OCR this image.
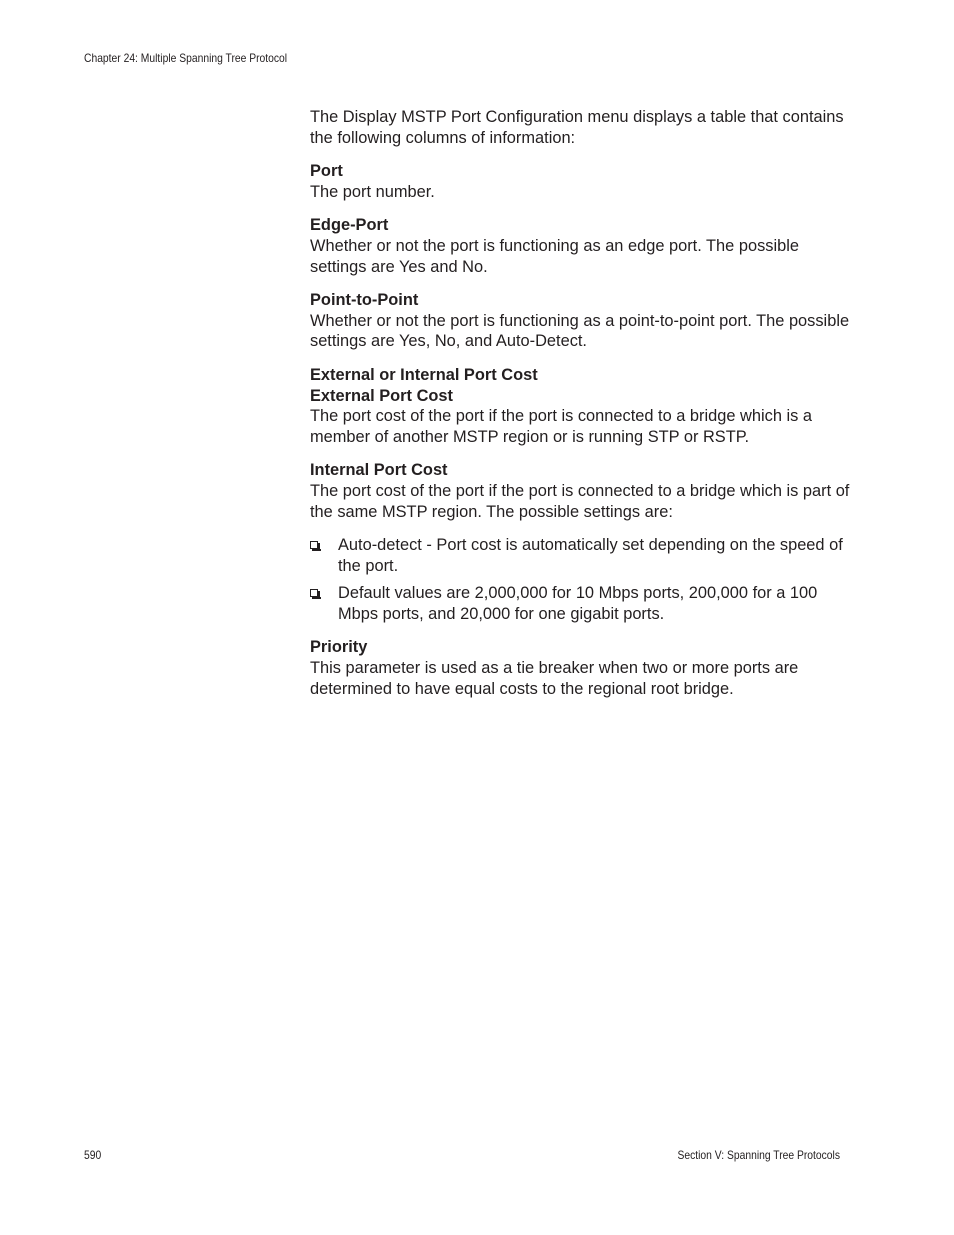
Chapter 24: Multiple Spanning Tree Protocol

The Display MSTP Port Configuration menu displays a table that contains the following columns of information:

Port
The port number.
Edge-Port
Whether or not the port is functioning as an edge port. The possible settings are Yes and No.
Point-to-Point
Whether or not the port is functioning as a point-to-point port. The possible settings are Yes, No, and Auto-Detect.
External or Internal Port Cost
External Port Cost
The port cost of the port if the port is connected to a bridge which is a member of another MSTP region or is running STP or RSTP.
Internal Port Cost
The port cost of the port if the port is connected to a bridge which is part of the same MSTP region. The possible settings are:
Auto-detect - Port cost is automatically set depending on the speed of the port.
Default values are 2,000,000 for 10 Mbps ports, 200,000 for a 100 Mbps ports, and 20,000 for one gigabit ports.
Priority
This parameter is used as a tie breaker when two or more ports are determined to have equal costs to the regional root bridge.
590	Section V: Spanning Tree Protocols
